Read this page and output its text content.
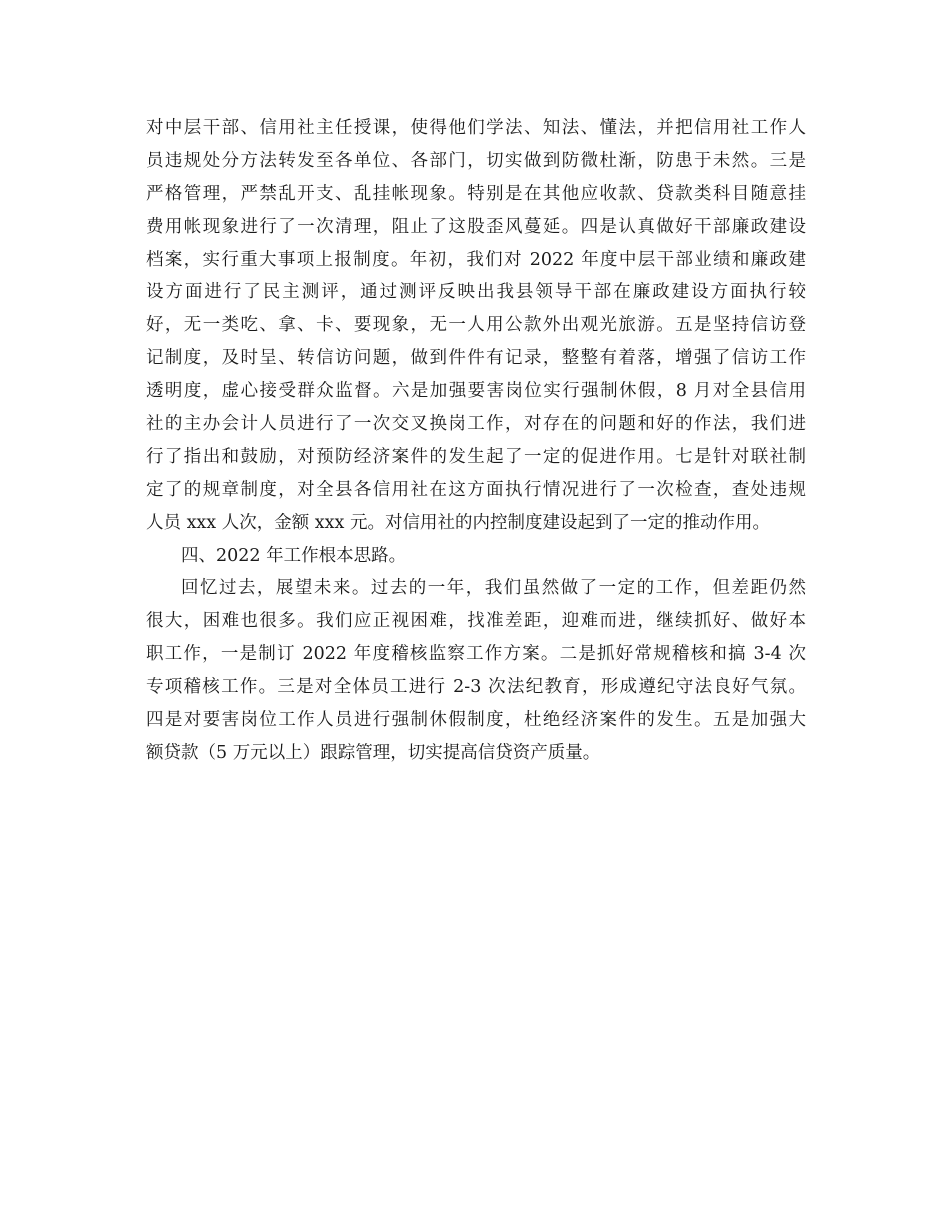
对中层干部、信用社主任授课，使得他们学法、知法、懂法，并把信用社工作人
员违规处分方法转发至各单位、各部门，切实做到防微杜渐，防患于未然。三是
严格管理，严禁乱开支、乱挂帐现象。特别是在其他应收款、贷款类科目随意挂
费用帐现象进行了一次清理，阻止了这股歪风蔓延。四是认真做好干部廉政建设
档案，实行重大事项上报制度。年初，我们对 2022 年度中层干部业绩和廉政建
设方面进行了民主测评，通过测评反映出我县领导干部在廉政建设方面执行较
好，无一类吃、拿、卡、要现象，无一人用公款外出观光旅游。五是坚持信访登
记制度，及时呈、转信访问题，做到件件有记录，整整有着落，增强了信访工作
透明度，虚心接受群众监督。六是加强要害岗位实行强制休假，8 月对全县信用
社的主办会计人员进行了一次交叉换岗工作，对存在的问题和好的作法，我们进
行了指出和鼓励，对预防经济案件的发生起了一定的促进作用。七是针对联社制
定了的规章制度，对全县各信用社在这方面执行情况进行了一次检查，查处违规
人员 xxx 人次，金额 xxx 元。对信用社的内控制度建设起到了一定的推动作用。
四、2022 年工作根本思路。
回忆过去，展望未来。过去的一年，我们虽然做了一定的工作，但差距仍然
很大，困难也很多。我们应正视困难，找准差距，迎难而进，继续抓好、做好本
职工作，一是制订 2022 年度稽核监察工作方案。二是抓好常规稽核和搞 3-4 次
专项稽核工作。三是对全体员工进行 2-3 次法纪教育，形成遵纪守法良好气氛。
四是对要害岗位工作人员进行强制休假制度，杜绝经济案件的发生。五是加强大
额贷款（5 万元以上）跟踪管理，切实提高信贷资产质量。
